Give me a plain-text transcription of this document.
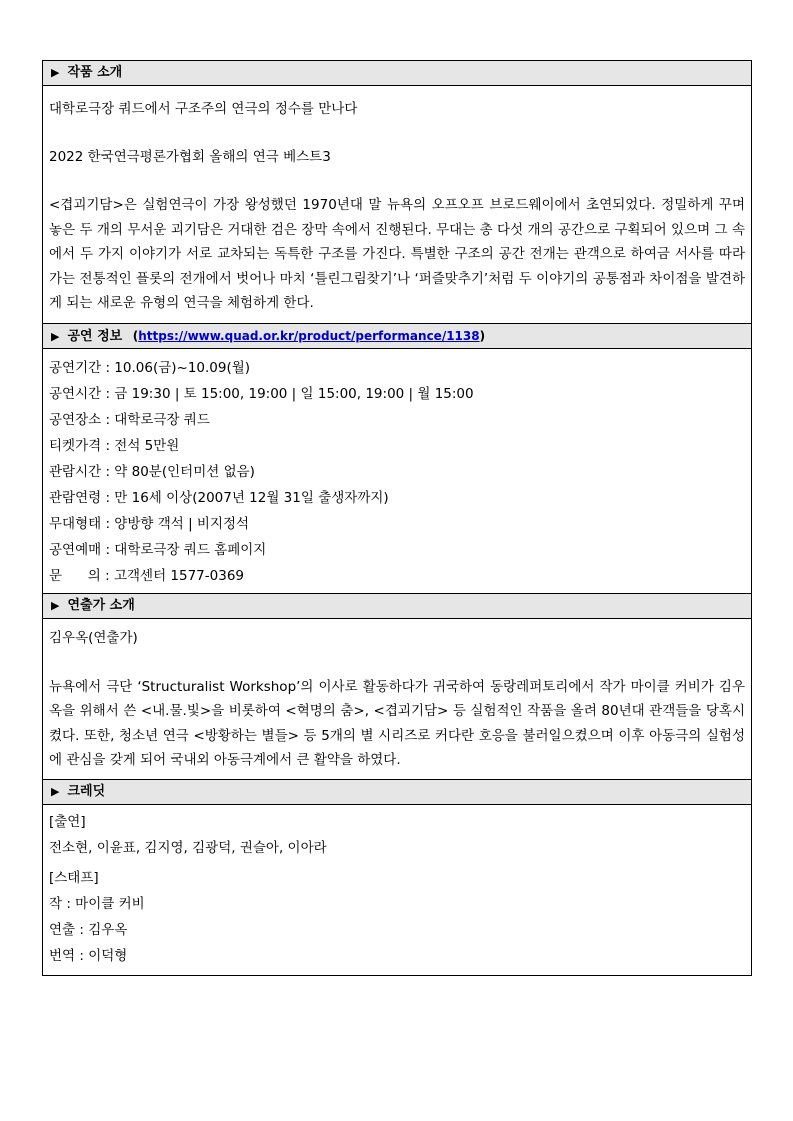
▶ 작품 소개

대학로극장 쿼드에서 구조주의 연극의 정수를 만나다

2022 한국연극평론가협회 올해의 연극 베스트3

<겹괴기담>은 실험연극이 가장 왕성했던 1970년대 말 뉴욕의 오프오프 브로드웨이에서 초연되었다. 정밀하게 꾸며 놓은 두 개의 무서운 괴기담은 거대한 검은 장막 속에서 진행된다. 무대는 총 다섯 개의 공간으로 구획되어 있으며 그 속에서 두 가지 이야기가 서로 교차되는 독특한 구조를 가진다. 특별한 구조의 공간 전개는 관객으로 하여금 서사를 따라가는 전통적인 플롯의 전개에서 벗어나 마치 ‘틀린그림찾기’나 ‘퍼즐맞추기’처럼 두 이야기의 공통점과 차이점을 발견하게 되는 새로운 유형의 연극을 체험하게 한다.

▶ 공연 정보 (https://www.quad.or.kr/product/performance/1138)
공연기간 : 10.06(금)~10.09(월)
공연시간 : 금 19:30 | 토 15:00, 19:00 | 일 15:00, 19:00 | 월 15:00
공연장소 : 대학로극장 쿼드
티켓가격 : 전석 5만원
관람시간 : 약 80분(인터미션 없음)
관람연령 : 만 16세 이상(2007년 12월 31일 출생자까지)
무대형태 : 양방향 객석 | 비지정석
공연예매 : 대학로극장 쿼드 홈페이지
문      의 : 고객센터 1577-0369
▶ 연출가 소개

김우옥(연출가)

뉴욕에서 극단 ‘Structuralist Workshop’의 이사로 활동하다가 귀국하여 동랑레퍼토리에서 작가 마이클 커비가 김우옥을 위해서 쓴 <내.물.빛>을 비롯하여 <혁명의 춤>, <겹괴기담> 등 실험적인 작품을 올려 80년대 관객들을 당혹시켰다. 또한, 청소년 연극 <방황하는 별들> 등 5개의 별 시리즈로 커다란 호응을 불러일으켰으며 이후 아동극의 실험성에 관심을 갖게 되어 국내외 아동극계에서 큰 활약을 하였다.

▶ 크레딧
[출연]
전소현, 이윤표, 김지영, 김광덕, 권슬아, 이아라
[스태프]
작 : 마이클 커비
연출 : 김우옥
번역 : 이덕형
